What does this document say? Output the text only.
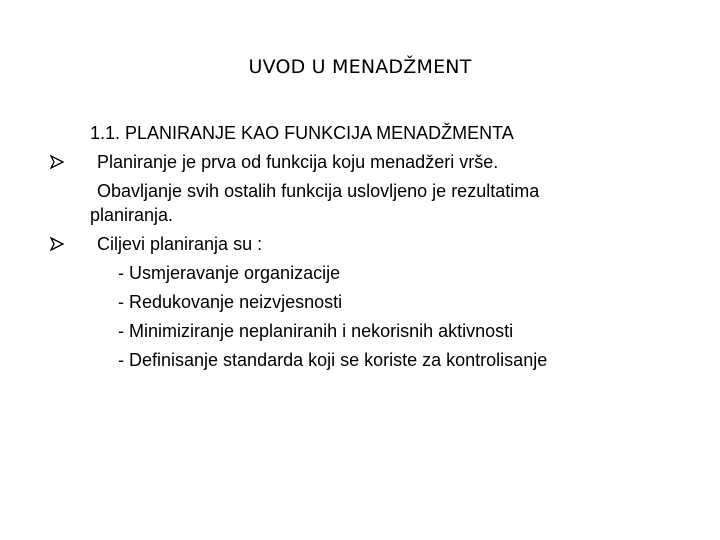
UVOD U MENADŽMENT
1.1. PLANIRANJE KAO FUNKCIJA MENADŽMENTA
Planiranje je prva od funkcija koju menadžeri vrše.
Obavljanje svih ostalih funkcija uslovljeno je rezultatima
planiranja.
Ciljevi planiranja su :
- Usmjeravanje organizacije
- Redukovanje neizvjesnosti
- Minimiziranje neplaniranih i nekorisnih aktivnosti
- Definisanje standarda koji se koriste za kontrolisanje
